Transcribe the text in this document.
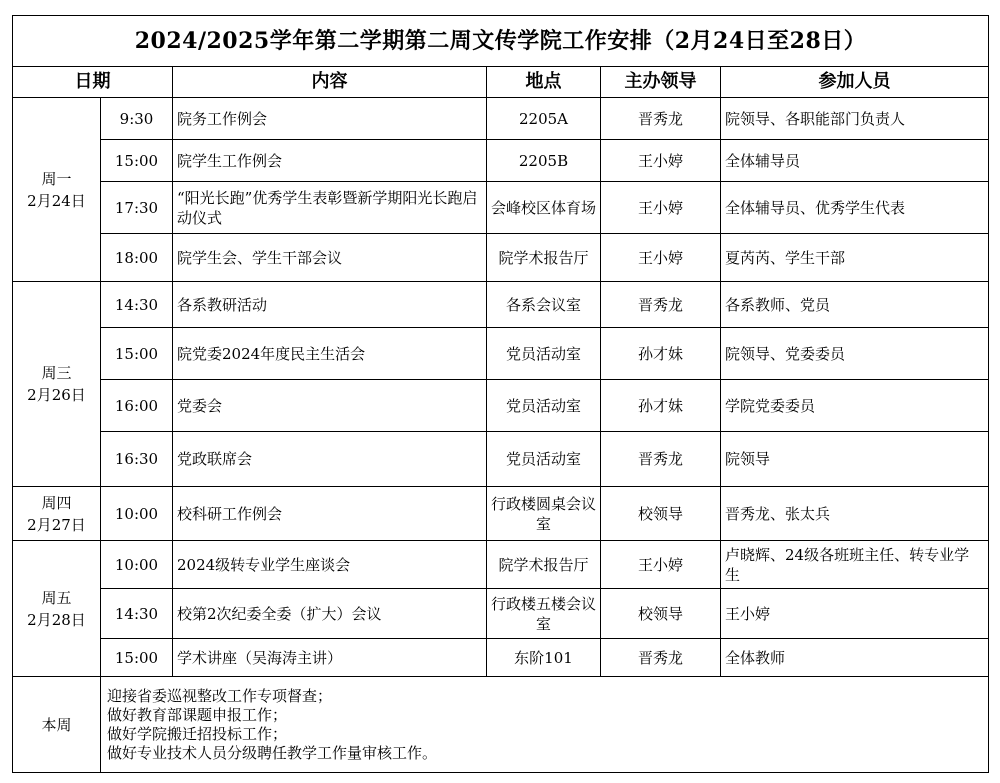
2024/2025学年第二学期第二周文传学院工作安排（2月24日至28日）					
日期		内容	地点	主办领导	参加人员

周一
2月24日	9:30	院务工作例会	2205A	晋秀龙	院领导、各职能部门负责人
	15:00	院学生工作例会	2205B	王小婷	全体辅导员
	17:30	“阳光长跑”优秀学生表彰暨新学期阳光长跑启动仪式	会峰校区体育场	王小婷	全体辅导员、优秀学生代表
	18:00	院学生会、学生干部会议	院学术报告厅	王小婷	夏芮芮、学生干部

周三
2月26日	14:30	各系教研活动	各系会议室	晋秀龙	各系教师、党员
	15:00	院党委2024年度民主生活会	党员活动室	孙才妹	院领导、党委委员
	16:00	党委会	党员活动室	孙才妹	学院党委委员
	16:30	党政联席会	党员活动室	晋秀龙	院领导

周四
2月27日	10:00	校科研工作例会	行政楼圆桌会议室	校领导	晋秀龙、张太兵

周五
2月28日	10:00	2024级转专业学生座谈会	院学术报告厅	王小婷	卢晓辉、24级各班班主任、转专业学生
	14:30	校第2次纪委全委（扩大）会议	行政楼五楼会议室	校领导	王小婷
	15:00	学术讲座（吴海涛主讲）	东阶101	晋秀龙	全体教师
本周	迎接省委巡视整改工作专项督查；
做好教育部课题申报工作；
做好学院搬迁招投标工作；
做好专业技术人员分级聘任教学工作量审核工作。				
